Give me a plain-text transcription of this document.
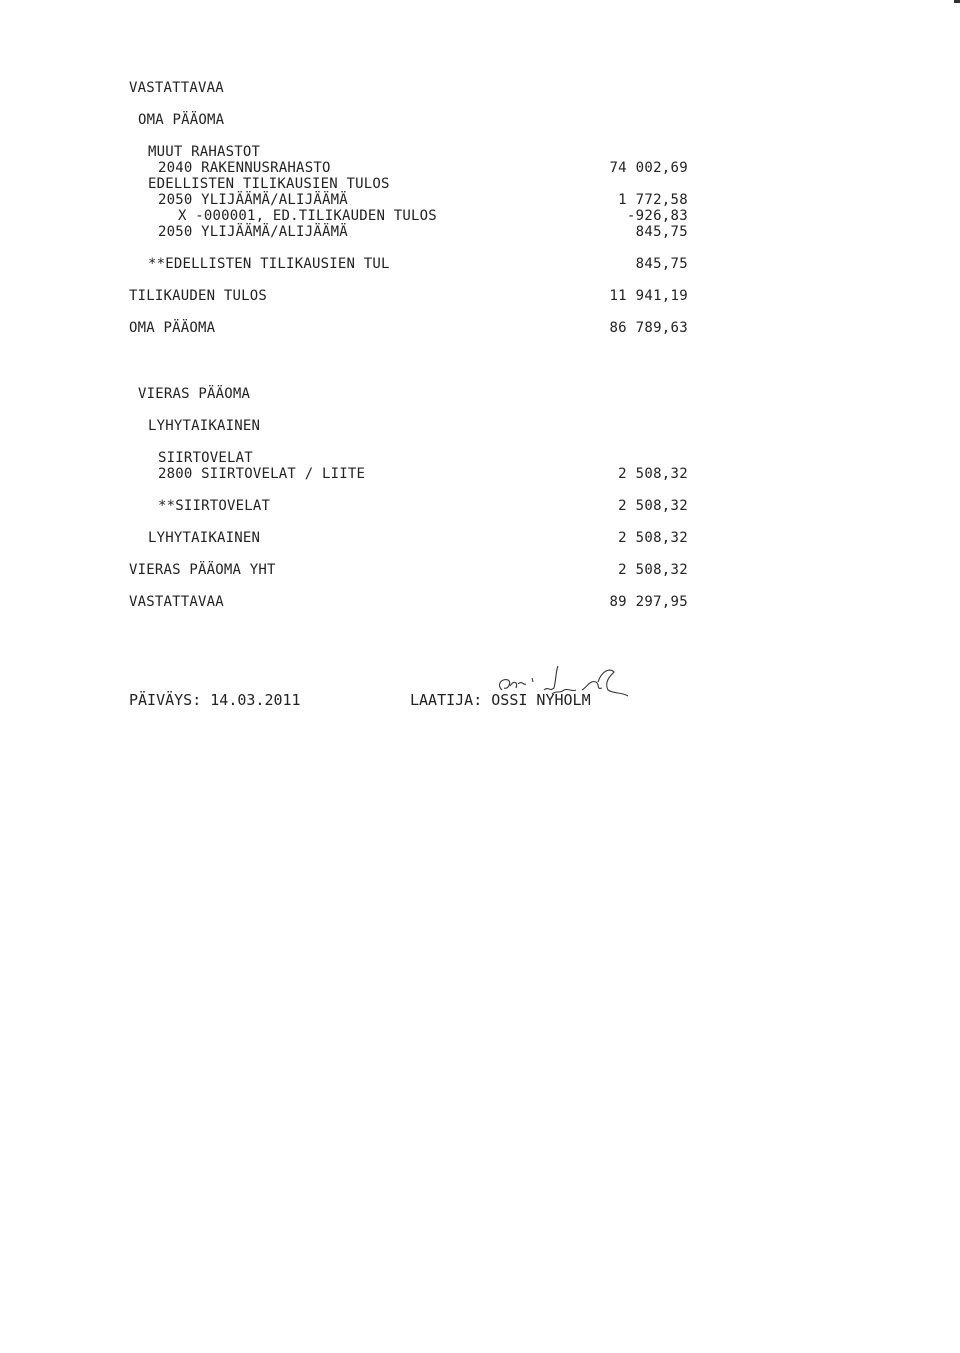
VASTATTAVAA
OMA PÄÄOMA
MUUT RAHASTOT
2040 RAKENNUSRAHASTO	74 002,69
EDELLISTEN TILIKAUSIEN TULOS
2050 YLIJÄÄMÄ/ALIJÄÄMÄ	1 772,58
X -000001, ED.TILIKAUDEN TULOS	-926,83
2050 YLIJÄÄMÄ/ALIJÄÄMÄ	845,75
**EDELLISTEN TILIKAUSIEN TUL	845,75
TILIKAUDEN TULOS	11 941,19
OMA PÄÄOMA	86 789,63
VIERAS PÄÄOMA
LYHYTAIKAINEN
SIIRTOVELAT
2800 SIIRTOVELAT / LIITE	2 508,32
**SIIRTOVELAT	2 508,32
LYHYTAIKAINEN	2 508,32
VIERAS PÄÄOMA YHT	2 508,32
VASTATTAVAA	89 297,95
PÄIVÄYS: 14.03.2011	LAATIJA: OSSI NYHOLM
